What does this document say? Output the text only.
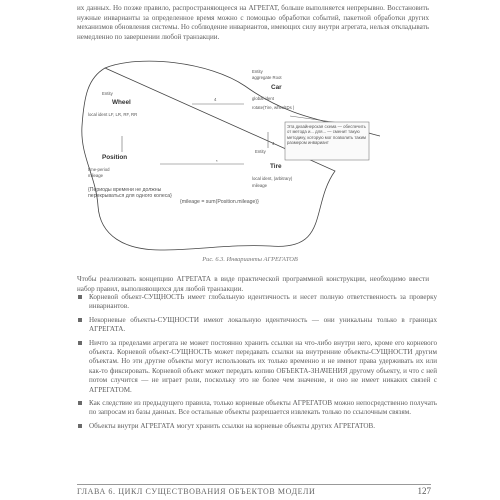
их данных. Но позже правило, распространяющееся на АГРЕГАТ, больше выполняется непрерывно. Восстановить нужные инварианты за определенное время можно с помощью обработки событий, пакетной обработки других механизмов обновления системы. Но соблюдение инвариантов, имеющих силу внутри агрегата, нельзя откладывать немедленно по завершении любой транзакции.

Entity
Wheel
local ident LF, LR, RF, RR
Entity
aggregate Root
Car
global ident
rotate(Tire, wheelIDs )
4
Position
time-period
mileage
*
Entity
Tire
local ident, (arbitrary)
mileage
4
{Периоды времени не должны перекрываться для одного колеса}
{mileage = sum(Position.mileage)}
Эта дизайнерская схема — обеспечить от метода и... для... — сменит такую методику, которую мог позволить таким размером инвариант
Рис. 6.3. Инварианты АГРЕГАТОВ

Чтобы реализовать концепцию АГРЕГАТА в виде практической программной конструкции, необходимо ввести набор правил, выполняющихся для любой транзакции.

Корневой объект-СУЩНОСТЬ имеет глобальную идентичность и несет полную ответственность за проверку инвариантов.
Некорневые объекты-СУЩНОСТИ имеют локальную идентичность — они уникальны только в границах АГРЕГАТА.
Ничто за пределами агрегата не может постоянно хранить ссылки на что-либо внутри него, кроме его корневого объекта. Корневой объект-СУЩНОСТЬ может передавать ссылки на внутренние объекты-СУЩНОСТИ другим объектам. Но эти другие объекты могут использовать их только временно и не имеют права удерживать их или как-то фиксировать. Корневой объект может передать копию ОБЪЕКТА-ЗНАЧЕНИЯ другому объекту, и что с ней потом случится — не играет роли, поскольку это не более чем значение, и оно не имеет никаких связей с АГРЕГАТОМ.
Как следствие из предыдущего правила, только корневые объекты АГРЕГАТОВ можно непосредственно получать по запросам из базы данных. Все остальные объекты разрешается извлекать только по ссылочным связям.
Объекты внутри АГРЕГАТА могут хранить ссылки на корневые объекты других АГРЕГАТОВ.
ГЛАВА 6. ЦИКЛ СУЩЕСТВОВАНИЯ ОБЪЕКТОВ МОДЕЛИ	127
